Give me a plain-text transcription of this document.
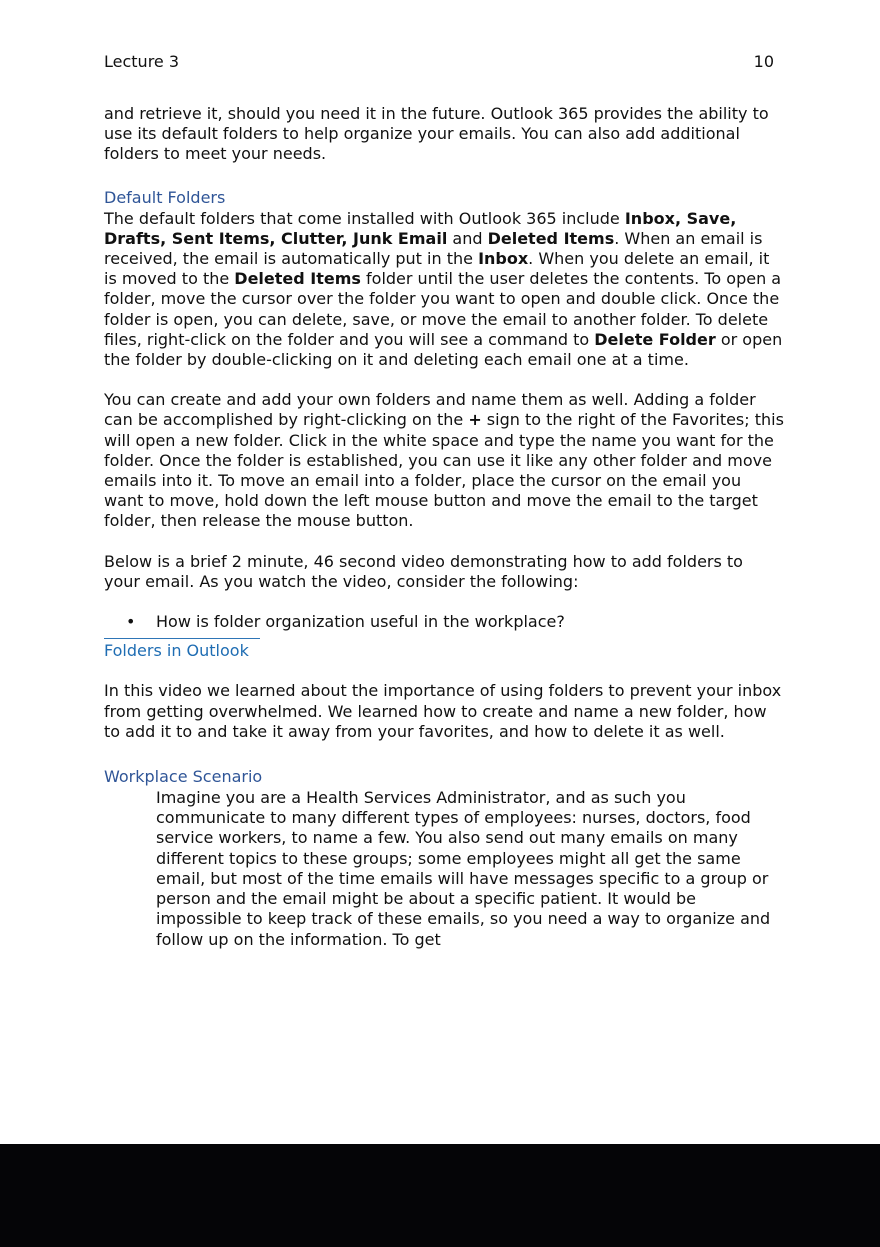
Lecture 3	10

and retrieve it, should you need it in the future. Outlook 365 provides the ability to use its default folders to help organize your emails. You can also add additional folders to meet your needs.

Default Folders

The default folders that come installed with Outlook 365 include Inbox, Save, Drafts, Sent Items, Clutter, Junk Email and Deleted Items. When an email is received, the email is automatically put in the Inbox. When you delete an email, it is moved to the Deleted Items folder until the user deletes the contents. To open a folder, move the cursor over the folder you want to open and double click. Once the folder is open, you can delete, save, or move the email to another folder. To delete files, right-click on the folder and you will see a command to Delete Folder or open the folder by double-clicking on it and deleting each email one at a time.

You can create and add your own folders and name them as well. Adding a folder can be accomplished by right-clicking on the + sign to the right of the Favorites; this will open a new folder. Click in the white space and type the name you want for the folder. Once the folder is established, you can use it like any other folder and move emails into it. To move an email into a folder, place the cursor on the email you want to move, hold down the left mouse button and move the email to the target folder, then release the mouse button.

Below is a brief 2 minute, 46 second video demonstrating how to add folders to your email. As you watch the video, consider the following:

• How is folder organization useful in the workplace?
Folders in Outlook

In this video we learned about the importance of using folders to prevent your inbox from getting overwhelmed. We learned how to create and name a new folder, how to add it to and take it away from your favorites, and how to delete it as well.

Workplace Scenario

Imagine you are a Health Services Administrator, and as such you communicate to many different types of employees: nurses, doctors, food service workers, to name a few. You also send out many emails on many different topics to these groups; some employees might all get the same email, but most of the time emails will have messages specific to a group or person and the email might be about a specific patient. It would be impossible to keep track of these emails, so you need a way to organize and follow up on the information. To get
